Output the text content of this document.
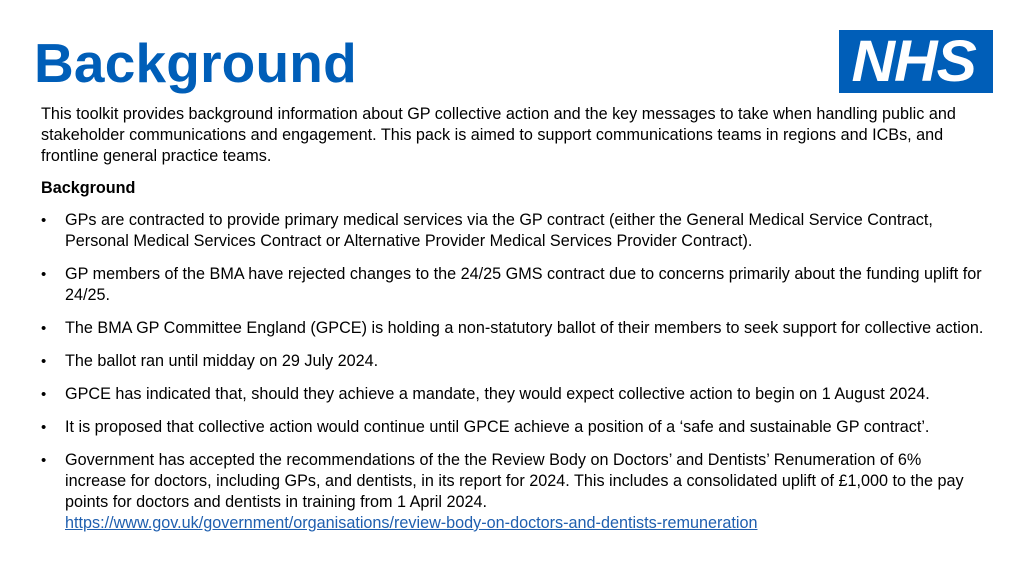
Background	NHS

This toolkit provides background information about GP collective action and the key messages to take when handling public and stakeholder communications and engagement. This pack is aimed to support communications teams in regions and ICBs, and frontline general practice teams.

Background

• GPs are contracted to provide primary medical services via the GP contract (either the General Medical Service Contract, Personal Medical Services Contract or Alternative Provider Medical Services Provider Contract).
• GP members of the BMA have rejected changes to the 24/25 GMS contract due to concerns primarily about the funding uplift for 24/25.
• The BMA GP Committee England (GPCE) is holding a non-statutory ballot of their members to seek support for collective action.
• The ballot ran until midday on 29 July 2024.
• GPCE has indicated that, should they achieve a mandate, they would expect collective action to begin on 1 August 2024.
• It is proposed that collective action would continue until GPCE achieve a position of a ‘safe and sustainable GP contract’.
• Government has accepted the recommendations of the the Review Body on Doctors’ and Dentists’ Renumeration of 6% increase for doctors, including GPs, and dentists, in its report for 2024. This includes a consolidated uplift of £1,000 to the pay points for doctors and dentists in training from 1 April 2024.
https://www.gov.uk/government/organisations/review-body-on-doctors-and-dentists-remuneration
